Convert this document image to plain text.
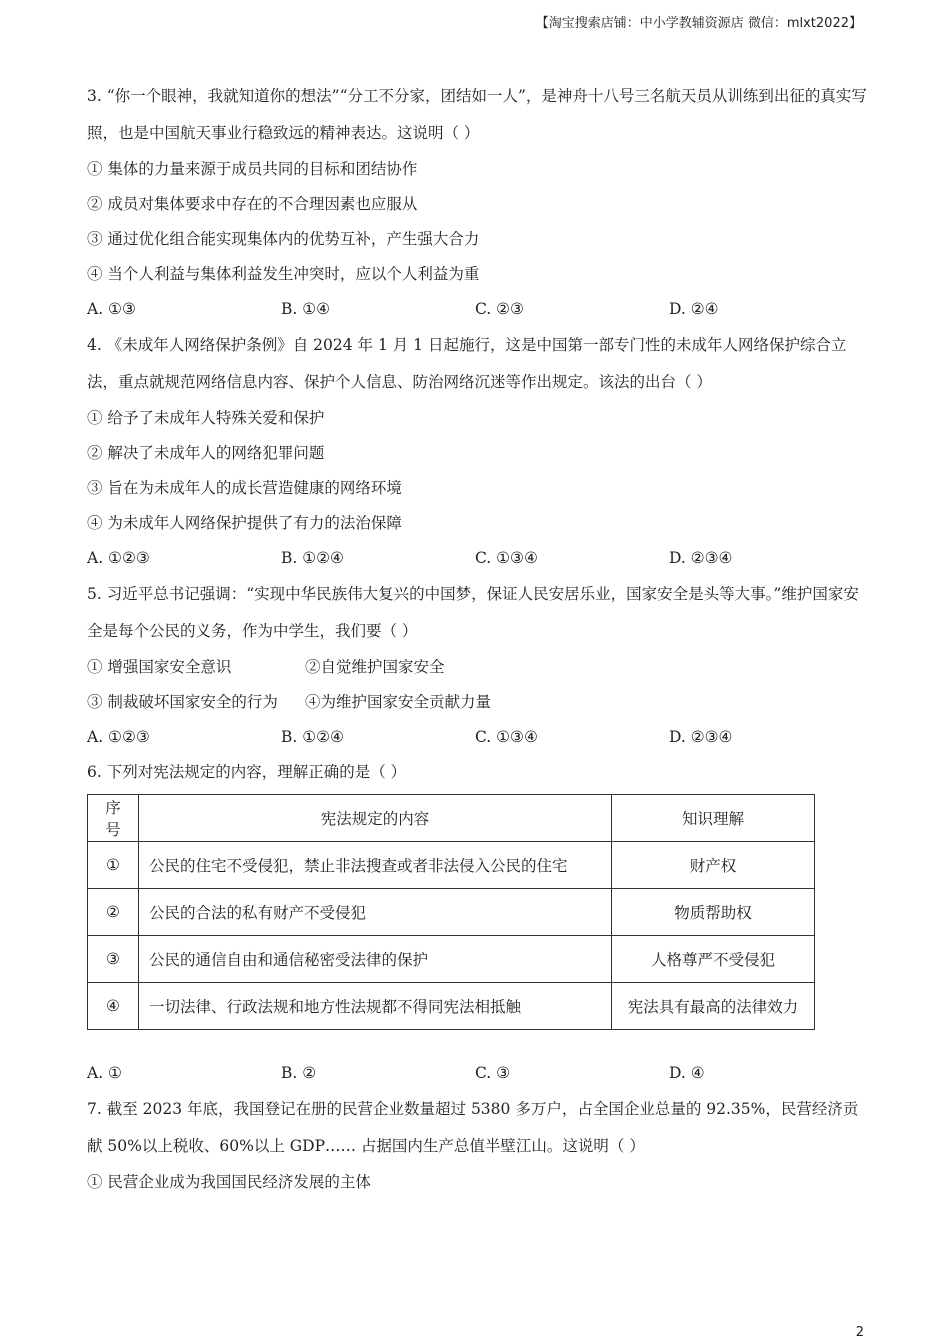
【淘宝搜索店铺：中小学教辅资源店 微信：mlxt2022】

3. “你一个眼神，我就知道你的想法”“分工不分家，团结如一人”，是神舟十八号三名航天员从训练到出征的真实写照，也是中国航天事业行稳致远的精神表达。这说明（ ）

① 集体的力量来源于成员共同的目标和团结协作

② 成员对集体要求中存在的不合理因素也应服从

③ 通过优化组合能实现集体内的优势互补，产生强大合力

④ 当个人利益与集体利益发生冲突时，应以个人利益为重

A. ①③	B. ①④	C. ②③	D. ②④

4. 《未成年人网络保护条例》自 2024 年 1 月 1 日起施行，这是中国第一部专门性的未成年人网络保护综合立法，重点就规范网络信息内容、保护个人信息、防治网络沉迷等作出规定。该法的出台（ ）

① 给予了未成年人特殊关爱和保护

② 解决了未成年人的网络犯罪问题

③ 旨在为未成年人的成长营造健康的网络环境

④ 为未成年人网络保护提供了有力的法治保障

A. ①②③	B. ①②④	C. ①③④	D. ②③④

5. 习近平总书记强调：“实现中华民族伟大复兴的中国梦，保证人民安居乐业，国家安全是头等大事。”维护国家安全是每个公民的义务，作为中学生，我们要（ ）

① 增强国家安全意识	②自觉维护国家安全
③ 制裁破坏国家安全的行为	④为维护国家安全贡献力量
A. ①②③	B. ①②④	C. ①③④	D. ②③④

6. 下列对宪法规定的内容，理解正确的是（ ）

序号	宪法规定的内容	知识理解
①	公民的住宅不受侵犯，禁止非法搜查或者非法侵入公民的住宅	财产权
②	公民的合法的私有财产不受侵犯	物质帮助权
③	公民的通信自由和通信秘密受法律的保护	人格尊严不受侵犯
④	一切法律、行政法规和地方性法规都不得同宪法相抵触	宪法具有最高的法律效力
A. ①	B. ②	C. ③	D. ④

7. 截至 2023 年底，我国登记在册的民营企业数量超过 5380 多万户，占全国企业总量的 92.35%，民营经济贡献 50%以上税收、60%以上 GDP…… 占据国内生产总值半壁江山。这说明（ ）

① 民营企业成为我国国民经济发展的主体

2
